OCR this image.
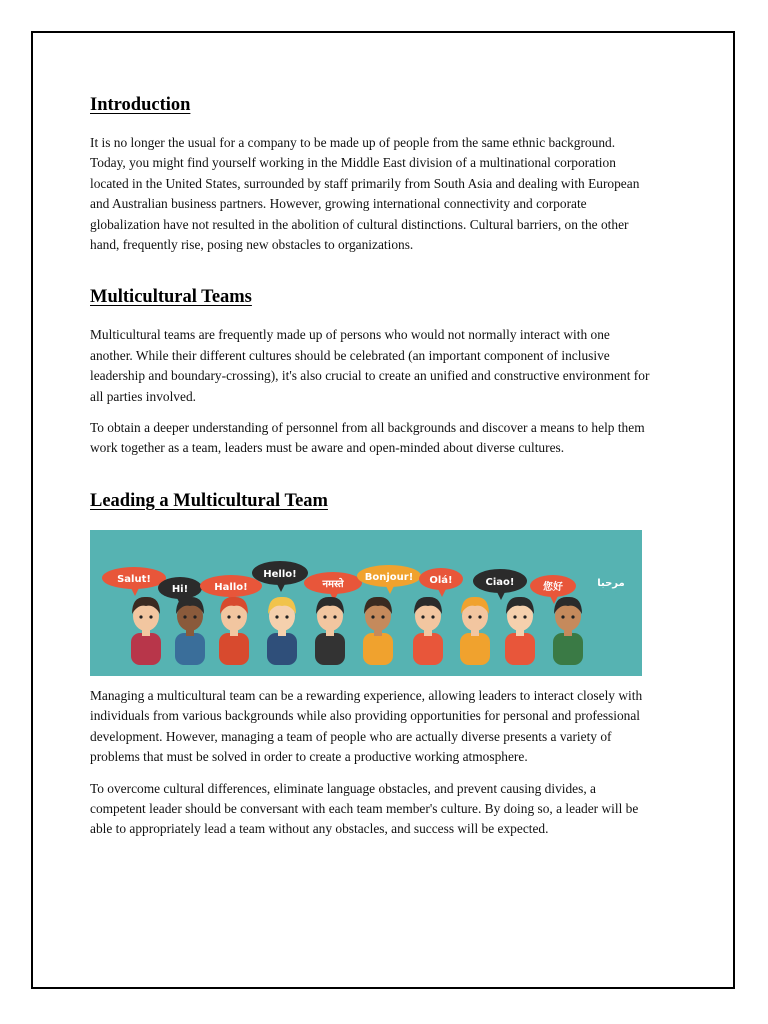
Introduction

It is no longer the usual for a company to be made up of people from the same ethnic background. Today, you might find yourself working in the Middle East division of a multinational corporation located in the United States, surrounded by staff primarily from South Asia and dealing with European and Australian business partners. However, growing international connectivity and corporate globalization have not resulted in the abolition of cultural distinctions. Cultural barriers, on the other hand, frequently rise, posing new obstacles to organizations.

Multicultural Teams

Multicultural teams are frequently made up of persons who would not normally interact with one another. While their different cultures should be celebrated (an important component of inclusive leadership and boundary-crossing), it's also crucial to create an unified and constructive environment for all parties involved.

To obtain a deeper understanding of personnel from all backgrounds and discover a means to help them work together as a team, leaders must be aware and open-minded about diverse cultures.

Leading a Multicultural Team
Salut!
Hi!	Hallo!
Hello!
नमस्ते
Bonjour! Olá!	Ciao!	您好	مرحبا

Managing a multicultural team can be a rewarding experience, allowing leaders to interact closely with individuals from various backgrounds while also providing opportunities for personal and professional development. However, managing a team of people who are actually diverse presents a variety of problems that must be solved in order to create a productive working atmosphere.

To overcome cultural differences, eliminate language obstacles, and prevent causing divides, a competent leader should be conversant with each team member's culture. By doing so, a leader will be able to appropriately lead a team without any obstacles, and success will be expected.
